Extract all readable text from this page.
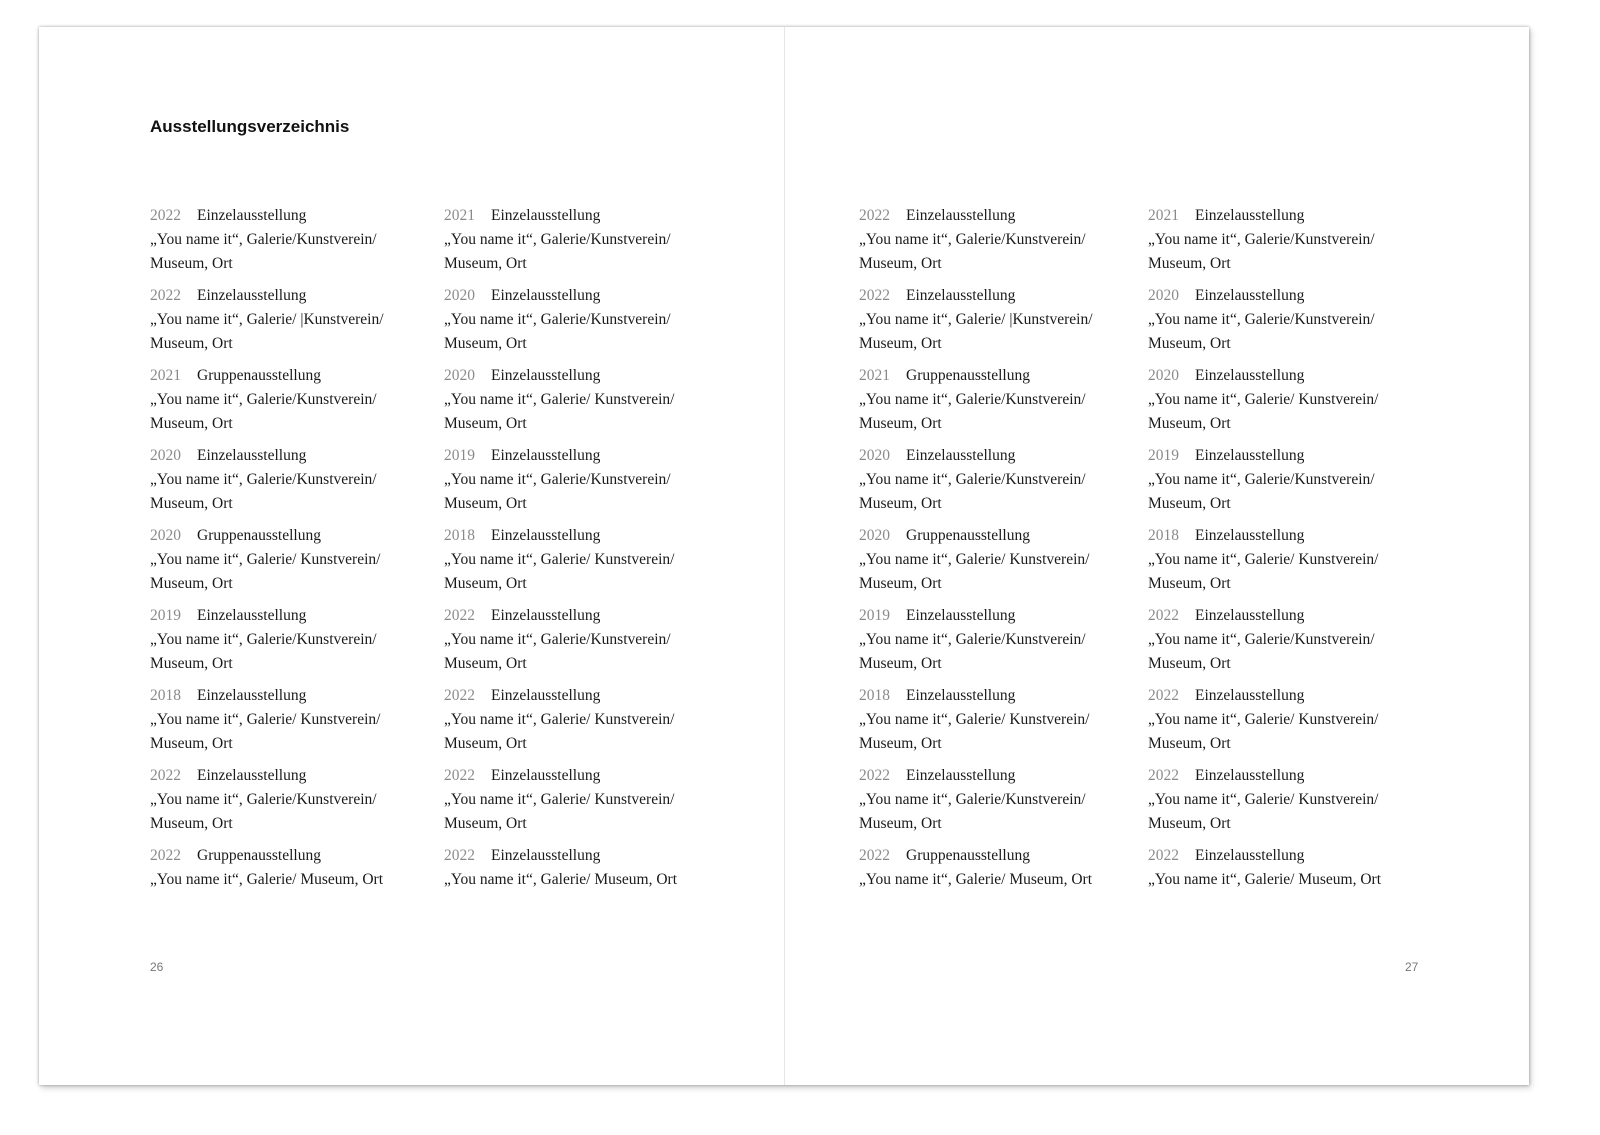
Ausstellungsverzeichnis
2022 Einzelausstellung
„You name it“, Galerie/Kunstverein/
Museum, Ort
2022 Einzelausstellung
„You name it“, Galerie/ |Kunstverein/
Museum, Ort
2021 Gruppenausstellung
„You name it“, Galerie/Kunstverein/
Museum, Ort
2020 Einzelausstellung
„You name it“, Galerie/Kunstverein/
Museum, Ort
2020 Gruppenausstellung
„You name it“, Galerie/ Kunstverein/
Museum, Ort
2019 Einzelausstellung
„You name it“, Galerie/Kunstverein/
Museum, Ort
2018 Einzelausstellung
„You name it“, Galerie/ Kunstverein/
Museum, Ort
2022 Einzelausstellung
„You name it“, Galerie/Kunstverein/
Museum, Ort
2022 Gruppenausstellung
„You name it“, Galerie/ Museum, Ort
2021 Einzelausstellung
„You name it“, Galerie/Kunstverein/
Museum, Ort
2020 Einzelausstellung
„You name it“, Galerie/Kunstverein/
Museum, Ort
2020 Einzelausstellung
„You name it“, Galerie/ Kunstverein/
Museum, Ort
2019 Einzelausstellung
„You name it“, Galerie/Kunstverein/
Museum, Ort
2018 Einzelausstellung
„You name it“, Galerie/ Kunstverein/
Museum, Ort
2022 Einzelausstellung
„You name it“, Galerie/Kunstverein/
Museum, Ort
2022 Einzelausstellung
„You name it“, Galerie/ Kunstverein/
Museum, Ort
2022 Einzelausstellung
„You name it“, Galerie/ Kunstverein/
Museum, Ort
2022 Einzelausstellung
„You name it“, Galerie/ Museum, Ort
2022 Einzelausstellung
„You name it“, Galerie/Kunstverein/
Museum, Ort
2022 Einzelausstellung
„You name it“, Galerie/ |Kunstverein/
Museum, Ort
2021 Gruppenausstellung
„You name it“, Galerie/Kunstverein/
Museum, Ort
2020 Einzelausstellung
„You name it“, Galerie/Kunstverein/
Museum, Ort
2020 Gruppenausstellung
„You name it“, Galerie/ Kunstverein/
Museum, Ort
2019 Einzelausstellung
„You name it“, Galerie/Kunstverein/
Museum, Ort
2018 Einzelausstellung
„You name it“, Galerie/ Kunstverein/
Museum, Ort
2022 Einzelausstellung
„You name it“, Galerie/Kunstverein/
Museum, Ort
2022 Gruppenausstellung
„You name it“, Galerie/ Museum, Ort
2021 Einzelausstellung
„You name it“, Galerie/Kunstverein/
Museum, Ort
2020 Einzelausstellung
„You name it“, Galerie/Kunstverein/
Museum, Ort
2020 Einzelausstellung
„You name it“, Galerie/ Kunstverein/
Museum, Ort
2019 Einzelausstellung
„You name it“, Galerie/Kunstverein/
Museum, Ort
2018 Einzelausstellung
„You name it“, Galerie/ Kunstverein/
Museum, Ort
2022 Einzelausstellung
„You name it“, Galerie/Kunstverein/
Museum, Ort
2022 Einzelausstellung
„You name it“, Galerie/ Kunstverein/
Museum, Ort
2022 Einzelausstellung
„You name it“, Galerie/ Kunstverein/
Museum, Ort
2022 Einzelausstellung
„You name it“, Galerie/ Museum, Ort
26	27
